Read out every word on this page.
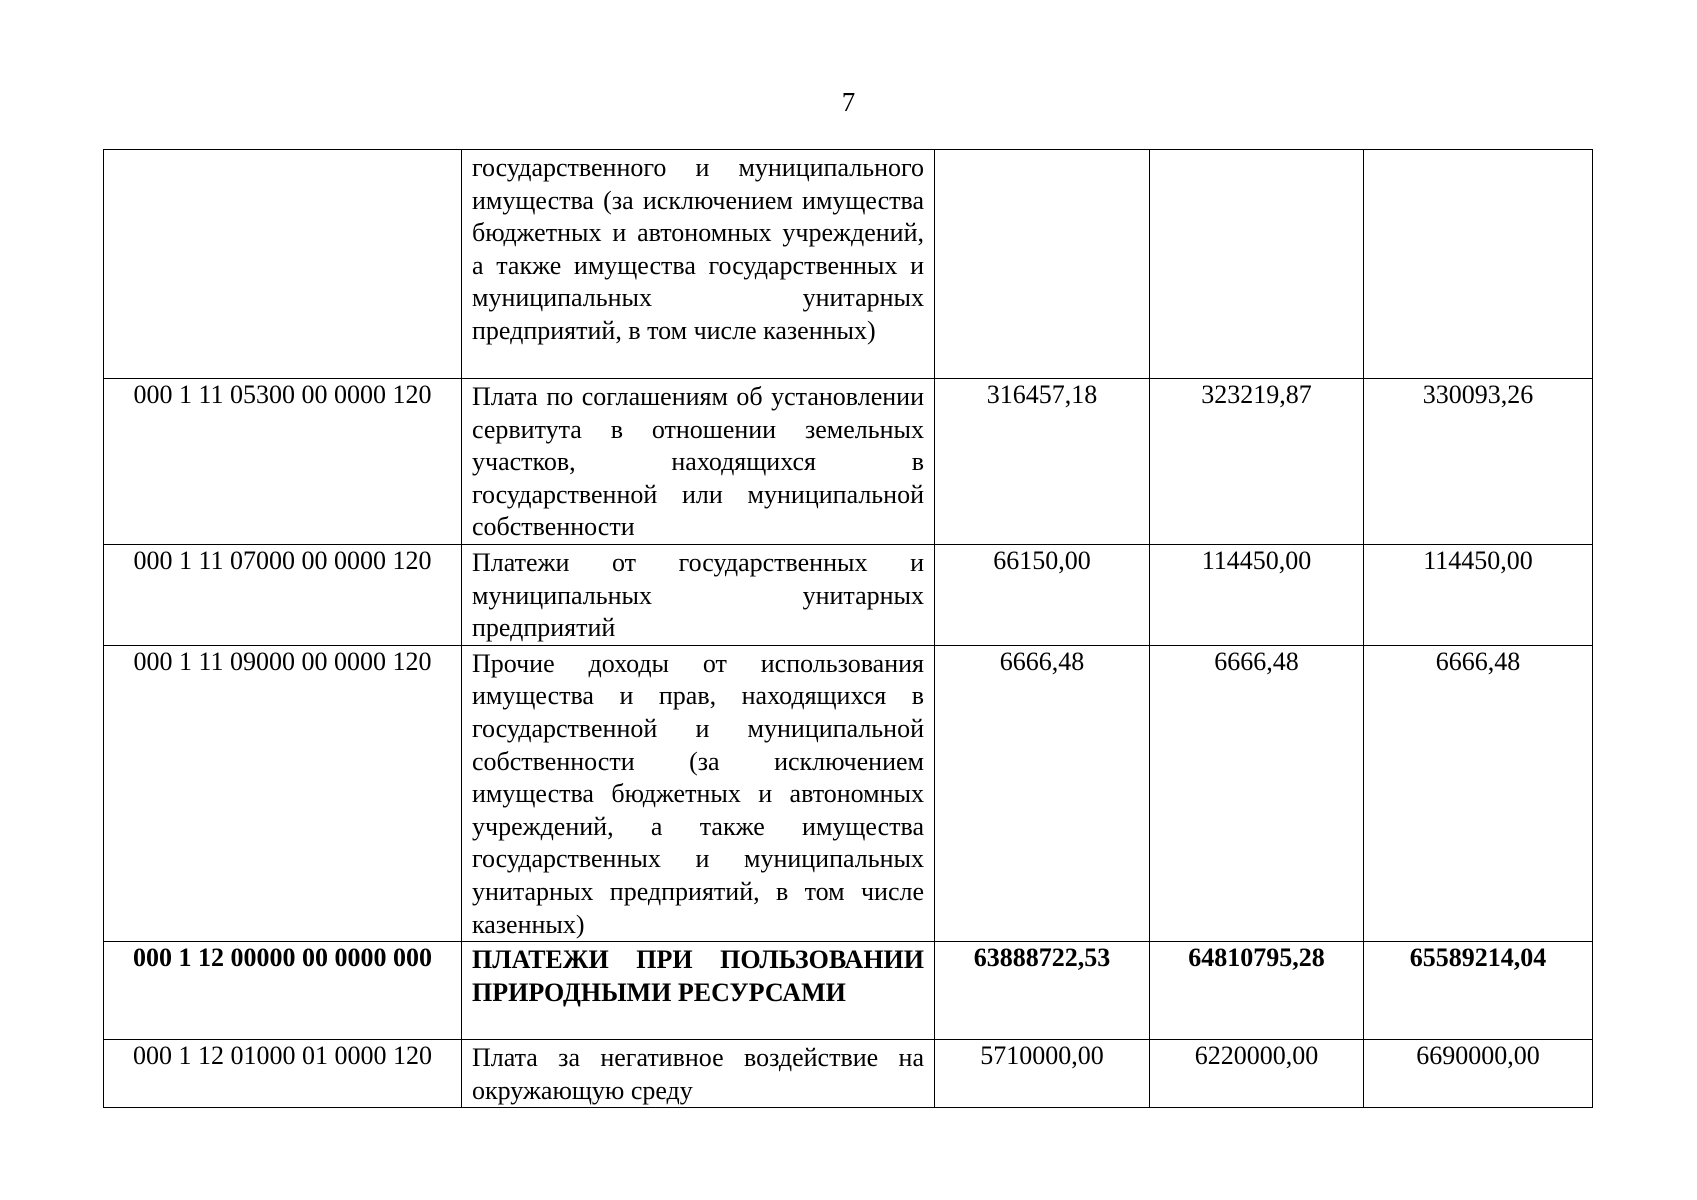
7

	государственного и муниципального имущества (за исключением имущества бюджетных и автономных учреждений, а также имущества государственных и муниципальных унитарных предприятий, в том числе казенных)			

000 1 11 05300 00 0000 120	Плата по соглашениям об установлении сервитута в отношении земельных участков, находящихся в государственной или муниципальной собственности	316457,18	323219,87	330093,26
000 1 11 07000 00 0000 120	Платежи от государственных и муниципальных унитарных предприятий	66150,00	114450,00	114450,00
000 1 11 09000 00 0000 120	Прочие доходы от использования имущества и прав, находящихся в государственной и муниципальной собственности (за исключением имущества бюджетных и автономных учреждений, а также имущества государственных и муниципальных унитарных предприятий, в том числе казенных)	6666,48	6666,48	6666,48
000 1 12 00000 00 0000 000	ПЛАТЕЖИ ПРИ ПОЛЬЗОВАНИИ ПРИРОДНЫМИ РЕСУРСАМИ	63888722,53	64810795,28	65589214,04
000 1 12 01000 01 0000 120	Плата за негативное воздействие на окружающую среду	5710000,00	6220000,00	6690000,00
